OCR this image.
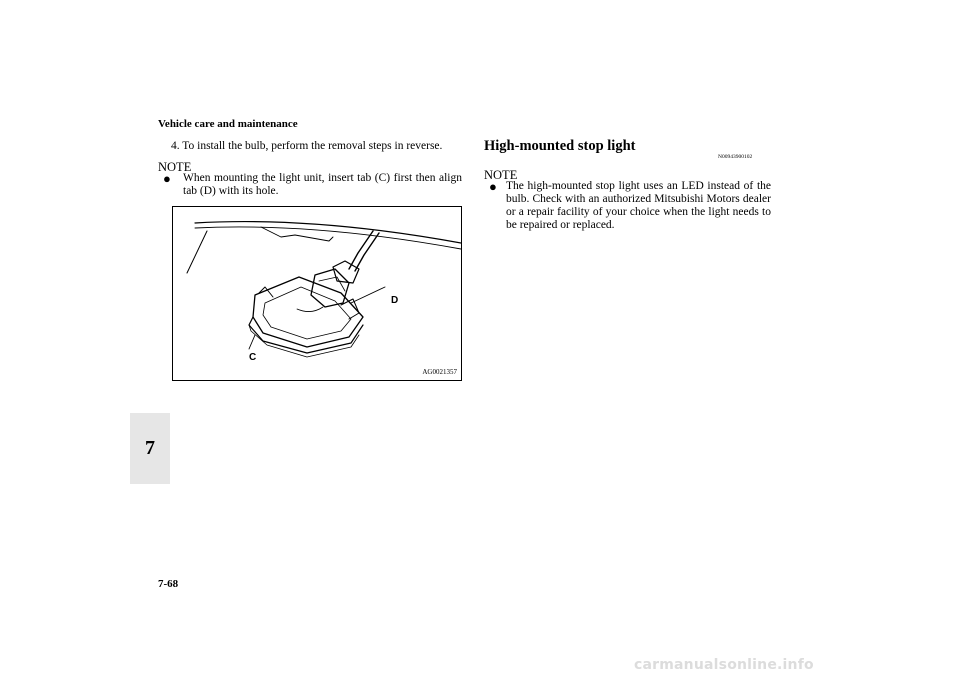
Vehicle care and maintenance
4. To install the bulb, perform the removal steps in reverse.
NOTE
● When mounting the light unit, insert tab (C) first then align tab (D) with its hole.
D
C
AG0021357
High-mounted stop light
N00943900102
NOTE
● The high-mounted stop light uses an LED instead of the bulb. Check with an authorized Mitsubishi Motors dealer or a repair facility of your choice when the light needs to be repaired or replaced.
7
7-68
carmanualsonline.info
